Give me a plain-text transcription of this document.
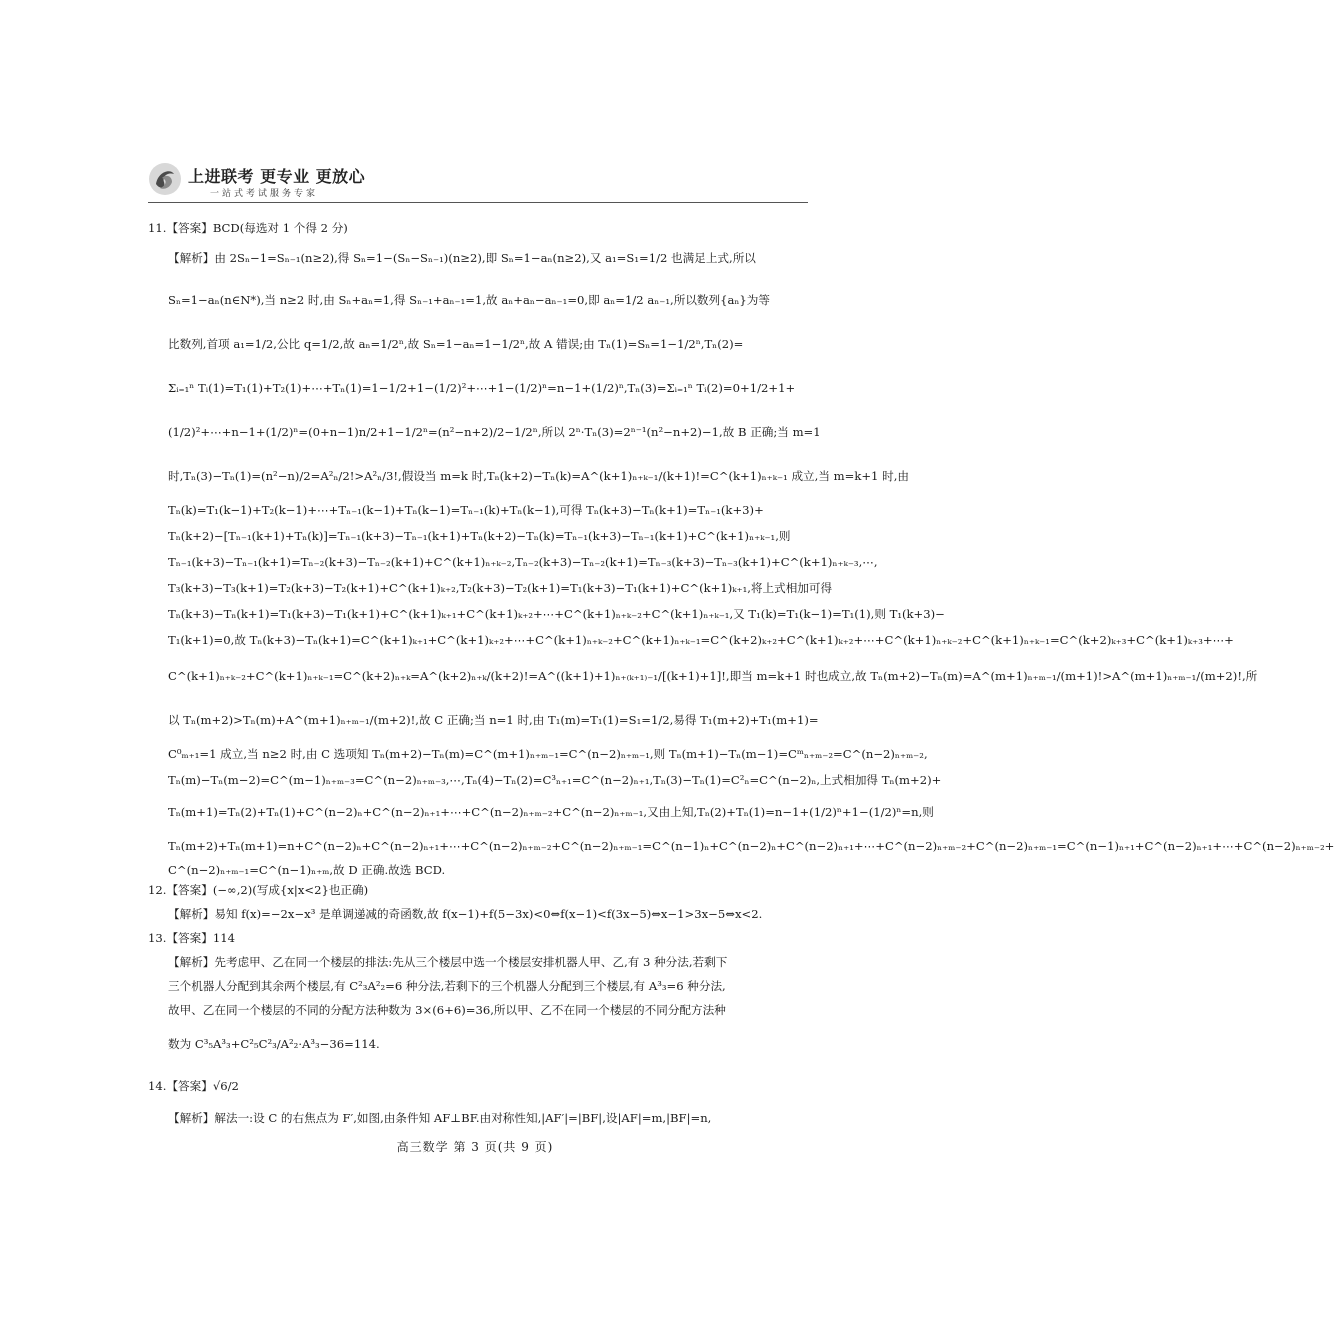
上进联考 更专业 更放心
一站式考试服务专家
11.【答案】BCD(每选对 1 个得 2 分)
【解析】由 2Sₙ−1=Sₙ₋₁(n≥2),得 Sₙ=1−(Sₙ−Sₙ₋₁)(n≥2),即 Sₙ=1−aₙ(n≥2),又 a₁=S₁=1/2 也满足上式,所以
Sₙ=1−aₙ(n∈N*),当 n≥2 时,由 Sₙ+aₙ=1,得 Sₙ₋₁+aₙ₋₁=1,故 aₙ+aₙ−aₙ₋₁=0,即 aₙ=1/2 aₙ₋₁,所以数列{aₙ}为等
比数列,首项 a₁=1/2,公比 q=1/2,故 aₙ=1/2ⁿ,故 Sₙ=1−aₙ=1−1/2ⁿ,故 A 错误;由 Tₙ(1)=Sₙ=1−1/2ⁿ,Tₙ(2)=
Σᵢ₌₁ⁿ Tᵢ(1)=T₁(1)+T₂(1)+⋯+Tₙ(1)=1−1/2+1−(1/2)²+⋯+1−(1/2)ⁿ=n−1+(1/2)ⁿ,Tₙ(3)=Σᵢ₌₁ⁿ Tᵢ(2)=0+1/2+1+
(1/2)²+⋯+n−1+(1/2)ⁿ=(0+n−1)n/2+1−1/2ⁿ=(n²−n+2)/2−1/2ⁿ,所以 2ⁿ·Tₙ(3)=2ⁿ⁻¹(n²−n+2)−1,故 B 正确;当 m=1
时,Tₙ(3)−Tₙ(1)=(n²−n)/2=A²ₙ/2!>A²ₙ/3!,假设当 m=k 时,Tₙ(k+2)−Tₙ(k)=A^(k+1)ₙ₊ₖ₋₁/(k+1)!=C^(k+1)ₙ₊ₖ₋₁ 成立,当 m=k+1 时,由
Tₙ(k)=T₁(k−1)+T₂(k−1)+⋯+Tₙ₋₁(k−1)+Tₙ(k−1)=Tₙ₋₁(k)+Tₙ(k−1),可得 Tₙ(k+3)−Tₙ(k+1)=Tₙ₋₁(k+3)+
Tₙ(k+2)−[Tₙ₋₁(k+1)+Tₙ(k)]=Tₙ₋₁(k+3)−Tₙ₋₁(k+1)+Tₙ(k+2)−Tₙ(k)=Tₙ₋₁(k+3)−Tₙ₋₁(k+1)+C^(k+1)ₙ₊ₖ₋₁,则
Tₙ₋₁(k+3)−Tₙ₋₁(k+1)=Tₙ₋₂(k+3)−Tₙ₋₂(k+1)+C^(k+1)ₙ₊ₖ₋₂,Tₙ₋₂(k+3)−Tₙ₋₂(k+1)=Tₙ₋₃(k+3)−Tₙ₋₃(k+1)+C^(k+1)ₙ₊ₖ₋₃,⋯,
T₃(k+3)−T₃(k+1)=T₂(k+3)−T₂(k+1)+C^(k+1)ₖ₊₂,T₂(k+3)−T₂(k+1)=T₁(k+3)−T₁(k+1)+C^(k+1)ₖ₊₁,将上式相加可得
Tₙ(k+3)−Tₙ(k+1)=T₁(k+3)−T₁(k+1)+C^(k+1)ₖ₊₁+C^(k+1)ₖ₊₂+⋯+C^(k+1)ₙ₊ₖ₋₂+C^(k+1)ₙ₊ₖ₋₁,又 T₁(k)=T₁(k−1)=T₁(1),则 T₁(k+3)−
T₁(k+1)=0,故 Tₙ(k+3)−Tₙ(k+1)=C^(k+1)ₖ₊₁+C^(k+1)ₖ₊₂+⋯+C^(k+1)ₙ₊ₖ₋₂+C^(k+1)ₙ₊ₖ₋₁=C^(k+2)ₖ₊₂+C^(k+1)ₖ₊₂+⋯+C^(k+1)ₙ₊ₖ₋₂+C^(k+1)ₙ₊ₖ₋₁=C^(k+2)ₖ₊₃+C^(k+1)ₖ₊₃+⋯+
C^(k+1)ₙ₊ₖ₋₂+C^(k+1)ₙ₊ₖ₋₁=C^(k+2)ₙ₊ₖ=A^(k+2)ₙ₊ₖ/(k+2)!=A^((k+1)+1)ₙ₊₍ₖ₊₁₎₋₁/[(k+1)+1]!,即当 m=k+1 时也成立,故 Tₙ(m+2)−Tₙ(m)=A^(m+1)ₙ₊ₘ₋₁/(m+1)!>A^(m+1)ₙ₊ₘ₋₁/(m+2)!,所
以 Tₙ(m+2)>Tₙ(m)+A^(m+1)ₙ₊ₘ₋₁/(m+2)!,故 C 正确;当 n=1 时,由 T₁(m)=T₁(1)=S₁=1/2,易得 T₁(m+2)+T₁(m+1)=
C⁰ₘ₊₁=1 成立,当 n≥2 时,由 C 选项知 Tₙ(m+2)−Tₙ(m)=C^(m+1)ₙ₊ₘ₋₁=C^(n−2)ₙ₊ₘ₋₁,则 Tₙ(m+1)−Tₙ(m−1)=Cᵐₙ₊ₘ₋₂=C^(n−2)ₙ₊ₘ₋₂,
Tₙ(m)−Tₙ(m−2)=C^(m−1)ₙ₊ₘ₋₃=C^(n−2)ₙ₊ₘ₋₃,⋯,Tₙ(4)−Tₙ(2)=C³ₙ₊₁=C^(n−2)ₙ₊₁,Tₙ(3)−Tₙ(1)=C²ₙ=C^(n−2)ₙ,上式相加得 Tₙ(m+2)+
Tₙ(m+1)=Tₙ(2)+Tₙ(1)+C^(n−2)ₙ+C^(n−2)ₙ₊₁+⋯+C^(n−2)ₙ₊ₘ₋₂+C^(n−2)ₙ₊ₘ₋₁,又由上知,Tₙ(2)+Tₙ(1)=n−1+(1/2)ⁿ+1−(1/2)ⁿ=n,则
Tₙ(m+2)+Tₙ(m+1)=n+C^(n−2)ₙ+C^(n−2)ₙ₊₁+⋯+C^(n−2)ₙ₊ₘ₋₂+C^(n−2)ₙ₊ₘ₋₁=C^(n−1)ₙ+C^(n−2)ₙ+C^(n−2)ₙ₊₁+⋯+C^(n−2)ₙ₊ₘ₋₂+C^(n−2)ₙ₊ₘ₋₁=C^(n−1)ₙ₊₁+C^(n−2)ₙ₊₁+⋯+C^(n−2)ₙ₊ₘ₋₂+
C^(n−2)ₙ₊ₘ₋₁=C^(n−1)ₙ₊ₘ,故 D 正确.故选 BCD.
12.【答案】(−∞,2)(写成{x|x<2}也正确)
【解析】易知 f(x)=−2x−x³ 是单调递减的奇函数,故 f(x−1)+f(5−3x)<0⇔f(x−1)<f(3x−5)⇔x−1>3x−5⇔x<2.
13.【答案】114
【解析】先考虑甲、乙在同一个楼层的排法:先从三个楼层中选一个楼层安排机器人甲、乙,有 3 种分法,若剩下
三个机器人分配到其余两个楼层,有 C²₃A²₂=6 种分法,若剩下的三个机器人分配到三个楼层,有 A³₃=6 种分法,
故甲、乙在同一个楼层的不同的分配方法种数为 3×(6+6)=36,所以甲、乙不在同一个楼层的不同分配方法种
数为 C³₅A³₃+C²₅C²₃/A²₂·A³₃−36=114.
14.【答案】√6/2
【解析】解法一:设 C 的右焦点为 F′,如图,由条件知 AF⊥BF.由对称性知,|AF′|=|BF|,设|AF|=m,|BF|=n,
高三数学 第 3 页(共 9 页)
